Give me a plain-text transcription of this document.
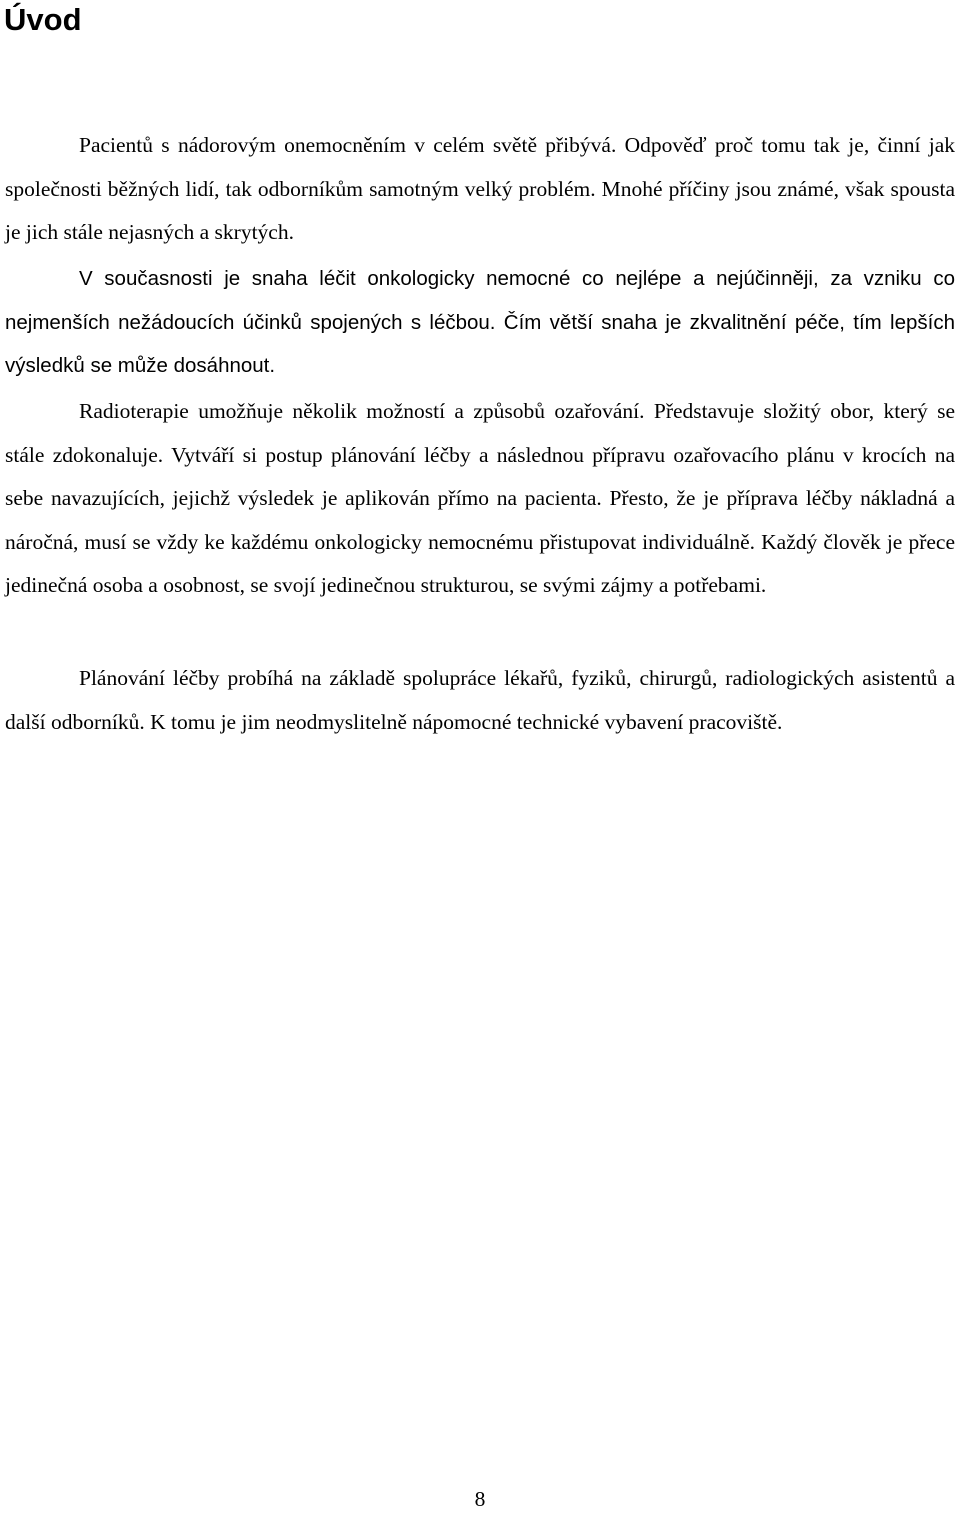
Úvod

Pacientů s nádorovým onemocněním v celém světě přibývá. Odpověď proč tomu tak je, činní jak společnosti běžných lidí, tak odborníkům samotným velký problém. Mnohé příčiny jsou známé, však spousta je jich stále nejasných a skrytých.

V současnosti je snaha léčit onkologicky nemocné co nejlépe a nejúčinněji, za vzniku co nejmenších nežádoucích účinků spojených s léčbou. Čím větší snaha je zkvalitnění péče, tím lepších výsledků se může dosáhnout.

Radioterapie umožňuje několik možností a způsobů ozařování. Představuje složitý obor, který se stále zdokonaluje. Vytváří si postup plánování léčby a následnou přípravu ozařovacího plánu v krocích na sebe navazujících, jejichž výsledek je aplikován přímo na pacienta. Přesto, že je příprava léčby nákladná a náročná, musí se vždy ke každému onkologicky nemocnému přistupovat individuálně. Každý člověk je přece jedinečná osoba a osobnost, se svojí jedinečnou strukturou, se svými zájmy a potřebami.

Plánování léčby probíhá na základě spolupráce lékařů, fyziků, chirurgů, radiologických asistentů a další odborníků. K tomu je jim neodmyslitelně nápomocné technické vybavení pracoviště.

8
